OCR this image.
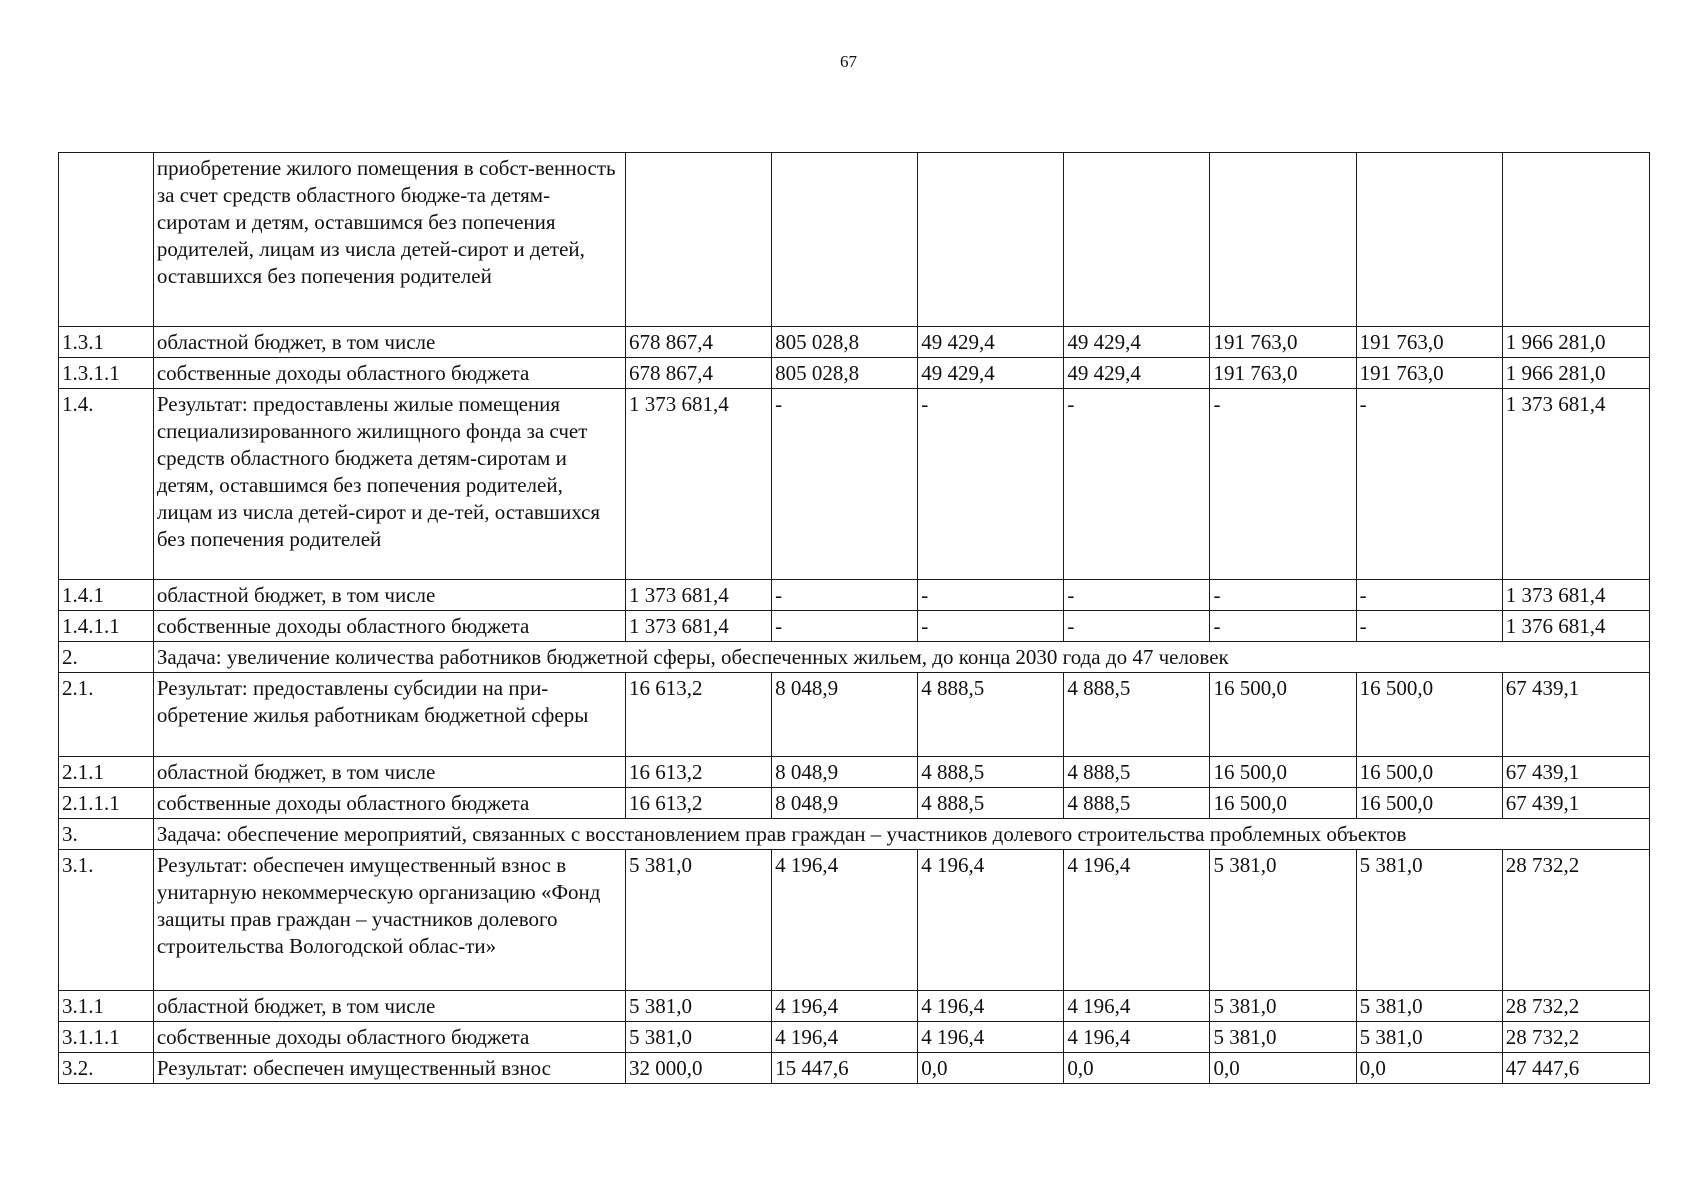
67
	приобретение жилого помещения в собст-венность за счет средств областного бюдже-та детям-сиротам и детям, оставшимся без попечения родителей, лицам из числа детей-сирот и детей, оставшихся без попечения родителей							
1.3.1	областной бюджет, в том числе	678 867,4	805 028,8	49 429,4	49 429,4	191 763,0	191 763,0	1 966 281,0
1.3.1.1	собственные доходы областного бюджета	678 867,4	805 028,8	49 429,4	49 429,4	191 763,0	191 763,0	1 966 281,0
1.4.	Результат: предоставлены жилые помещения специализированного жилищного фонда за счет средств областного бюджета детям-сиротам и детям, оставшимся без попечения родителей, лицам из числа детей-сирот и де-тей, оставшихся без попечения родителей	1 373 681,4	-	-	-	-	-	1 373 681,4
1.4.1	областной бюджет, в том числе	1 373 681,4	-	-	-	-	-	1 373 681,4
1.4.1.1	собственные доходы областного бюджета	1 373 681,4	-	-	-	-	-	1 376 681,4
2.	Задача: увеличение количества работников бюджетной сферы, обеспеченных жильем, до конца 2030 года до 47 человек							
2.1.	Результат: предоставлены субсидии на при-обретение жилья работникам бюджетной сферы	16 613,2	8 048,9	4 888,5	4 888,5	16 500,0	16 500,0	67 439,1
2.1.1	областной бюджет, в том числе	16 613,2	8 048,9	4 888,5	4 888,5	16 500,0	16 500,0	67 439,1
2.1.1.1	собственные доходы областного бюджета	16 613,2	8 048,9	4 888,5	4 888,5	16 500,0	16 500,0	67 439,1
3.	Задача: обеспечение мероприятий, связанных с восстановлением прав граждан – участников долевого строительства проблемных объектов							
3.1.	Результат: обеспечен имущественный взнос в унитарную некоммерческую организацию «Фонд защиты прав граждан – участников долевого строительства Вологодской облас-ти»	5 381,0	4 196,4	4 196,4	4 196,4	5 381,0	5 381,0	28 732,2
3.1.1	областной бюджет, в том числе	5 381,0	4 196,4	4 196,4	4 196,4	5 381,0	5 381,0	28 732,2
3.1.1.1	собственные доходы областного бюджета	5 381,0	4 196,4	4 196,4	4 196,4	5 381,0	5 381,0	28 732,2
3.2.	Результат: обеспечен имущественный взнос	32 000,0	15 447,6	0,0	0,0	0,0	0,0	47 447,6
